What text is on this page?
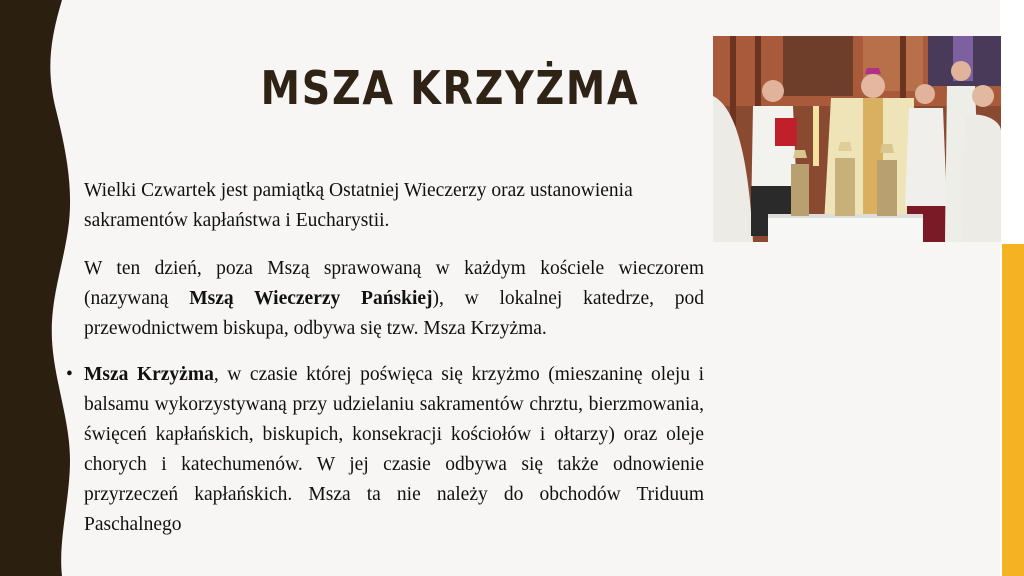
MSZA KRZYŻMA
Wielki Czwartek jest pamiątką Ostatniej Wieczerzy oraz ustanowienia sakramentów kapłaństwa i Eucharystii.
W ten dzień, poza Mszą sprawowaną w każdym kościele wieczorem (nazywaną Mszą Wieczerzy Pańskiej), w lokalnej katedrze, pod przewodnictwem biskupa, odbywa się tzw. Msza Krzyżma.
• Msza Krzyżma, w czasie której poświęca się krzyżmo (mieszaninę oleju i balsamu wykorzystywaną przy udzielaniu sakramentów chrztu, bierzmowania, święceń kapłańskich, biskupich, konsekracji kościołów i ołtarzy) oraz oleje chorych i katechumenów. W jej czasie odbywa się także odnowienie przyrzeczeń kapłańskich. Msza ta nie należy do obchodów Triduum Paschalnego
